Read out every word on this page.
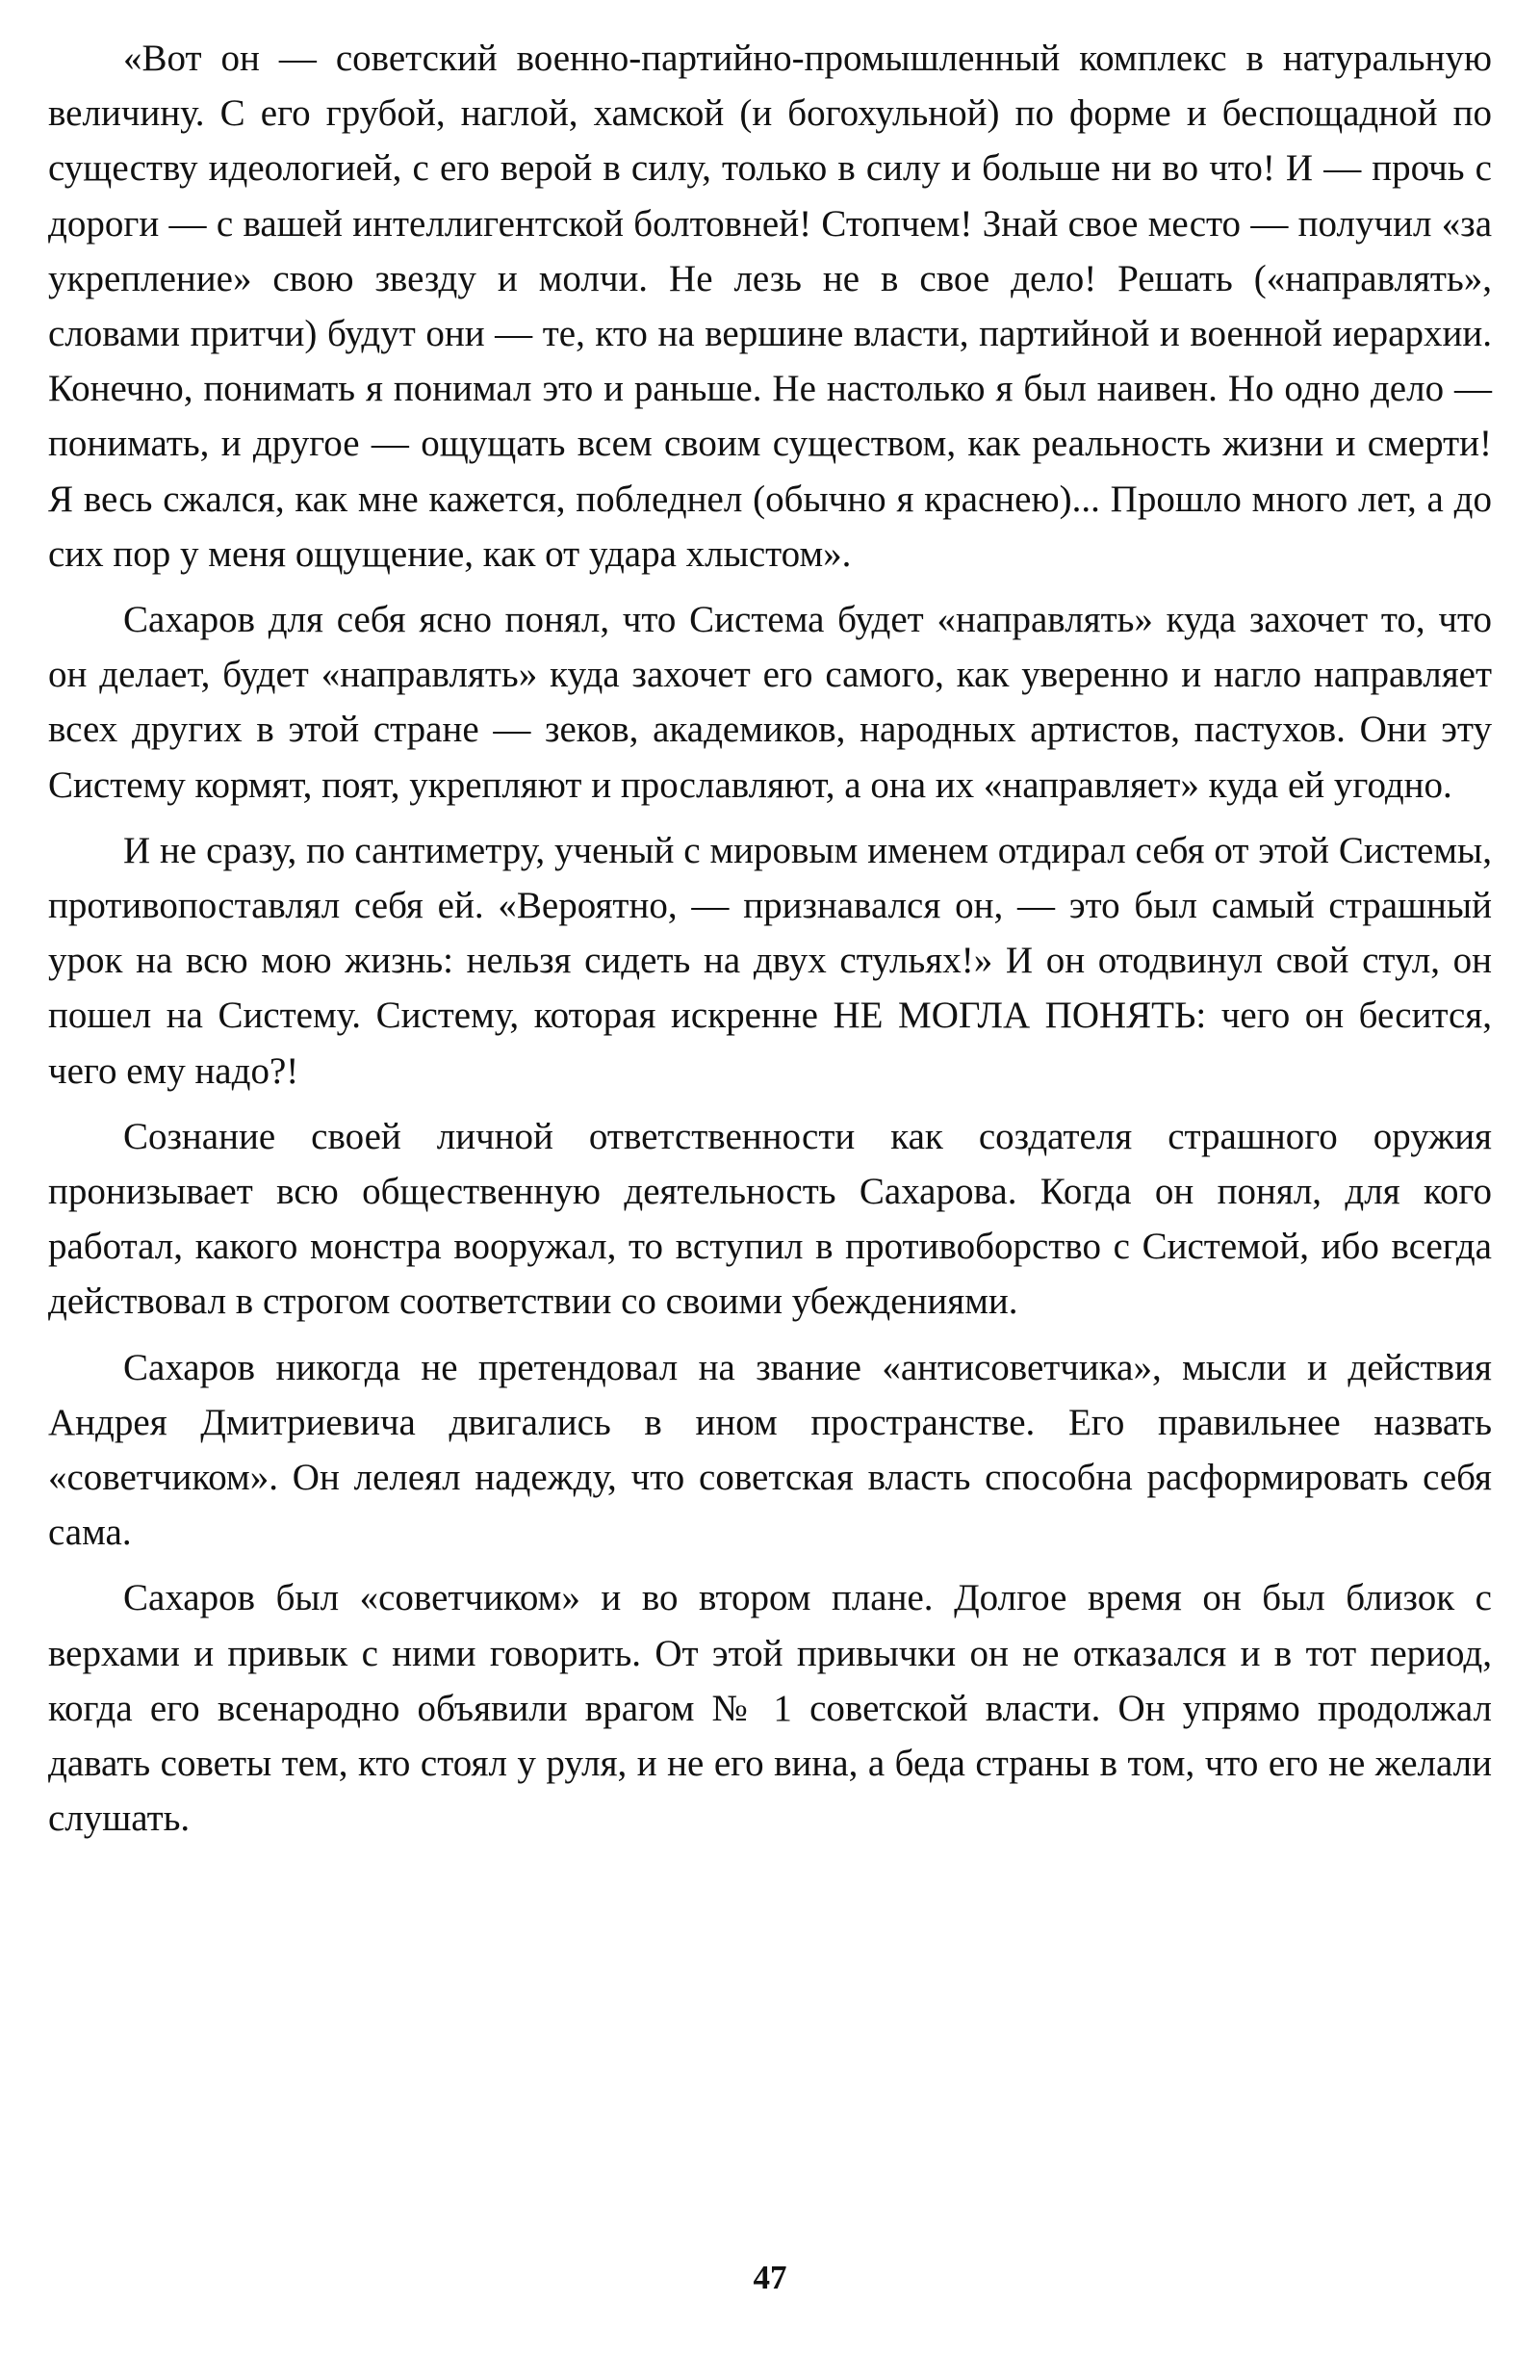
«Вот он — советский военно-партийно-промышленный комплекс в натуральную величину. С его грубой, наглой, хамской (и богохульной) по форме и беспощадной по существу идеологией, с его верой в силу, только в силу и больше ни во что! И — прочь с дороги — с вашей интеллигентской болтовней! Стопчем! Знай свое место — получил «за укрепление» свою звезду и молчи. Не лезь не в свое дело! Решать («направлять», словами притчи) будут они — те, кто на вершине власти, партийной и военной иерархии. Конечно, понимать я понимал это и раньше. Не настолько я был наивен. Но одно дело — понимать, и другое — ощущать всем своим существом, как реальность жизни и смерти! Я весь сжался, как мне кажется, побледнел (обычно я краснею)... Прошло много лет, а до сих пор у меня ощущение, как от удара хлыстом».

Сахаров для себя ясно понял, что Система будет «направлять» куда захочет то, что он делает, будет «направлять» куда захочет его самого, как уверенно и нагло направляет всех других в этой стране — зеков, академиков, народных артистов, пастухов. Они эту Систему кормят, поят, укрепляют и прославляют, а она их «направляет» куда ей угодно.

И не сразу, по сантиметру, ученый с мировым именем отдирал себя от этой Системы, противопоставлял себя ей. «Вероятно, — признавался он, — это был самый страшный урок на всю мою жизнь: нельзя сидеть на двух стульях!» И он отодвинул свой стул, он пошел на Систему. Систему, которая искренне НЕ МОГЛА ПОНЯТЬ: чего он бесится, чего ему надо?!

Сознание своей личной ответственности как создателя страшного оружия пронизывает всю общественную деятельность Сахарова. Когда он понял, для кого работал, какого монстра вооружал, то вступил в противоборство с Системой, ибо всегда действовал в строгом соответствии со своими убеждениями.

Сахаров никогда не претендовал на звание «антисоветчика», мысли и действия Андрея Дмитриевича двигались в ином пространстве. Его правильнее назвать «советчиком». Он лелеял надежду, что советская власть способна расформировать себя сама.

Сахаров был «советчиком» и во втором плане. Долгое время он был близок с верхами и привык с ними говорить. От этой привычки он не отказался и в тот период, когда его всенародно объявили врагом № 1 советской власти. Он упрямо продолжал давать советы тем, кто стоял у руля, и не его вина, а беда страны в том, что его не желали слушать.

47
